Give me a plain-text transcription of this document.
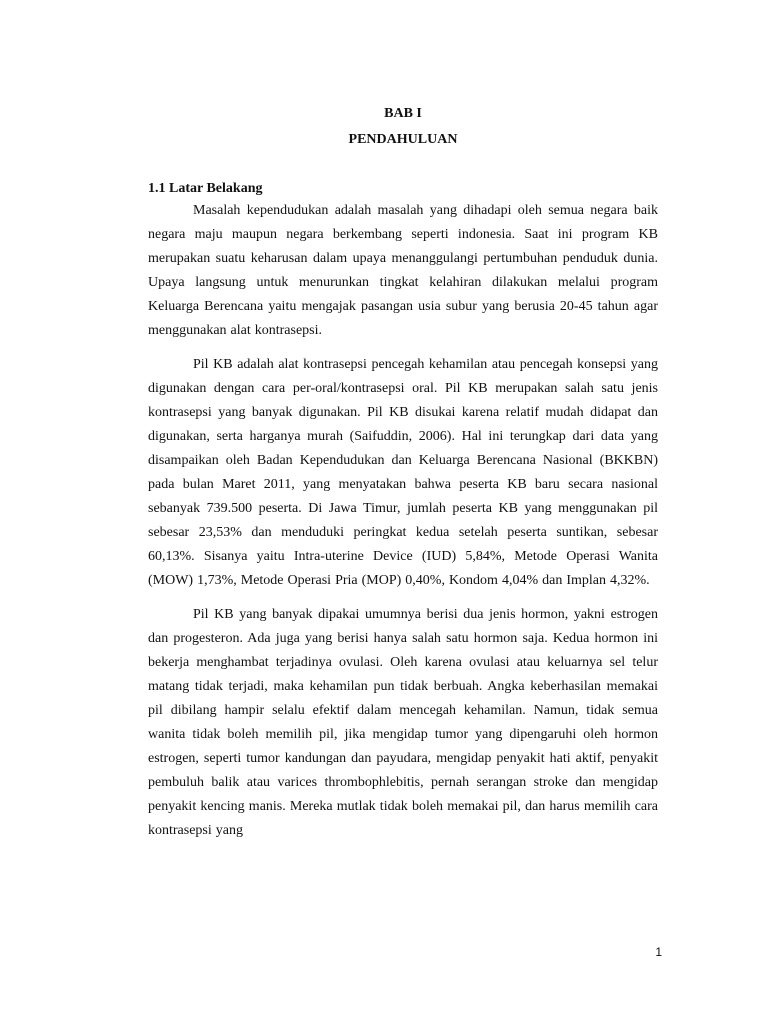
BAB I

PENDAHULUAN

1.1 Latar Belakang

Masalah kependudukan adalah masalah yang dihadapi oleh semua negara baik negara maju maupun negara berkembang seperti indonesia. Saat ini program KB merupakan suatu keharusan dalam upaya menanggulangi pertumbuhan penduduk dunia. Upaya langsung untuk menurunkan tingkat kelahiran dilakukan melalui program Keluarga Berencana yaitu mengajak pasangan usia subur yang berusia 20-45 tahun agar menggunakan alat kontrasepsi.

Pil KB adalah alat kontrasepsi pencegah kehamilan atau pencegah konsepsi yang digunakan dengan cara per-oral/kontrasepsi oral. Pil KB merupakan salah satu jenis kontrasepsi yang banyak digunakan. Pil KB disukai karena relatif mudah didapat dan digunakan, serta harganya murah (Saifuddin, 2006). Hal ini terungkap dari data yang disampaikan oleh Badan Kependudukan dan Keluarga Berencana Nasional (BKKBN) pada bulan Maret 2011, yang menyatakan bahwa peserta KB baru secara nasional sebanyak 739.500 peserta. Di Jawa Timur, jumlah peserta KB yang menggunakan pil sebesar 23,53% dan menduduki peringkat kedua setelah peserta suntikan, sebesar 60,13%. Sisanya yaitu Intra-uterine Device (IUD) 5,84%, Metode Operasi Wanita (MOW) 1,73%, Metode Operasi Pria (MOP) 0,40%, Kondom 4,04% dan Implan 4,32%.

Pil KB yang banyak dipakai umumnya berisi dua jenis hormon, yakni estrogen dan progesteron. Ada juga yang berisi hanya salah satu hormon saja. Kedua hormon ini bekerja menghambat terjadinya ovulasi. Oleh karena ovulasi atau keluarnya sel telur matang tidak terjadi, maka kehamilan pun tidak berbuah. Angka keberhasilan memakai pil dibilang hampir selalu efektif dalam mencegah kehamilan. Namun, tidak semua wanita tidak boleh memilih pil, jika mengidap tumor yang dipengaruhi oleh hormon estrogen, seperti tumor kandungan dan payudara, mengidap penyakit hati aktif, penyakit pembuluh balik atau varices thrombophlebitis, pernah serangan stroke dan mengidap penyakit kencing manis. Mereka mutlak tidak boleh memakai pil, dan harus memilih cara kontrasepsi yang

1
